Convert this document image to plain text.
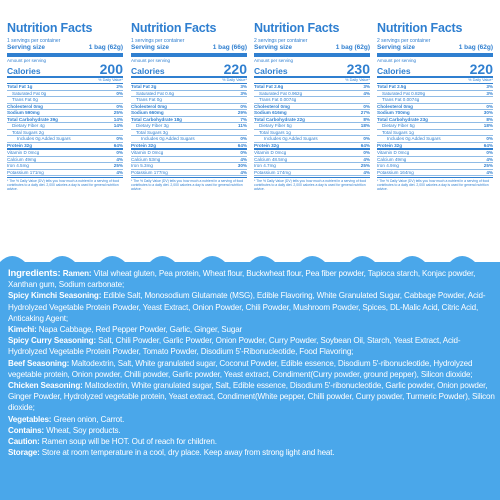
Nutrition Facts
1 servings per container
Serving size	1 bag (62g)
Amount per serving
Calories	200
% Daily Value*
Total Fat 1g	2%
Saturated Fat 0g	0%
Trans Fat 0g
Cholesterol 0mg	0%
Sodium 590mg	25%
Total Carbohydrate 39g	14%
Dietary Fiber 4g	14%
Total Sugars 2g
Includes 0g Added Sugars	0%
Protein 32g	64%
Vitamin D 0mcg	0%
Calcium 49mg	4%
Iron 4.5mg	25%
Potassium 171mg	4%
* The % Daily Value (DV) tells you how much a nutrient in a serving of food contributes to a daily diet. 2,000 calories a day is used for general nutrition advice.
Nutrition Facts
1 servings per container
Serving size	1 bag (66g)
Amount per serving
Calories	220
% Daily Value*
Total Fat 2g	3%
Saturated Fat 0.6g	3%
Trans Fat 0g
Cholesterol 0mg	0%
Sodium 660mg	29%
Total Carbohydrate 18g	7%
Dietary Fiber 3g	11%
Total Sugars 3g
Includes 0g Added Sugars	0%
Protein 32g	64%
Vitamin D 0mcg	0%
Calcium 53mg	4%
Iron 5.3mg	30%
Potassium 177mg	4%
* The % Daily Value (DV) tells you how much a nutrient in a serving of food contributes to a daily diet. 2,000 calories a day is used for general nutrition advice.
Nutrition Facts
2 servings per container
Serving size	1 bag (62g)
Amount per serving
Calories	230
% Daily Value*
Total Fat 2.6g	3%
Saturated Fat 0.962g	4%
Trans Fat 0.0074g
Cholesterol 0mg	0%
Sodium 616mg	27%
Total Carbohydrate 22g	8%
Dietary Fiber 5g	18%
Total Sugars 1g
Includes 0g Added Sugars	0%
Protein 32g	64%
Vitamin D 0mcg	0%
Calcium 48.5mg	4%
Iron 4.7mg	25%
Potassium 174mg	4%
* The % Daily Value (DV) tells you how much a nutrient in a serving of food contributes to a daily diet. 2,000 calories a day is used for general nutrition advice.
Nutrition Facts
2 servings per container
Serving size	1 bag (62g)
Amount per serving
Calories	220
% Daily Value*
Total Fat 2.5g	3%
Saturated Fat 0.829g	3%
Trans Fat 0.0074g
Cholesterol 0mg	0%
Sodium 700mg	30%
Total Carbohydrate 23g	8%
Dietary Fiber 5g	18%
Total Sugars 1g
Includes 0g Added Sugars	0%
Protein 32g	64%
Vitamin D 0mcg	0%
Calcium 49mg	4%
Iron 4.9mg	25%
Potassium 164mg	4%
* The % Daily Value (DV) tells you how much a nutrient in a serving of food contributes to a daily diet. 2,000 calories a day is used for general nutrition advice.
Ingredients: Ramen: Vital wheat gluten, Pea protein, Wheat flour, Buckwheat flour, Pea fiber powder, Tapioca starch, Konjac powder, Xanthan gum, Sodium carbonate;
Spicy Kimchi Seasoning: Edible Salt, Monosodium Glutamate (MSG), Edible Flavoring, White Granulated Sugar, Cabbage Powder, Acid-Hydrolyzed Vegetable Protein Powder, Yeast Extract, Onion Powder, Chili Powder, Mushroom Powder, Spices, DL-Malic Acid, Citric Acid, Anticaking Agent;
Kimchi: Napa Cabbage, Red Pepper Powder, Garlic, Ginger, Sugar
Spicy Curry Seasoning: Salt, Chili Powder, Garlic Powder, Onion Powder, Curry Powder, Soybean Oil, Starch, Yeast Extract, Acid-Hydrolyzed Vegetable Protein Powder, Tomato Powder, Disodium 5'-Ribonucleotide, Food Flavoring;
Beef Seasoning: Maltodextrin, Salt, White granulated sugar, Coconut Powder, Edible essence, Disodium 5'-ribonucleotide, Hydrolyzed vegetable protein, Onion powder, Chilli powder, Garlic powder, Yeast extract, Condiment(Curry powder, ground pepper), Silicon dioxide;
Chicken Seasoning: Maltodextrin, White granulated sugar, Salt, Edible essence, Disodium 5'-ribonucleotide, Garlic powder, Onion powder, Ginger Powder, Hydrolyzed vegetable protein, Yeast extract, Condiment(White pepper, Chilli powder, Curry powder, Turmeric Powder), Silicon dioxide;
Vegetables: Green onion, Carrot.
Contains: Wheat, Soy products.
Caution: Ramen soup will be HOT. Out of reach for children.
Storage: Store at room temperature in a cool, dry place. Keep away from strong light and heat.
